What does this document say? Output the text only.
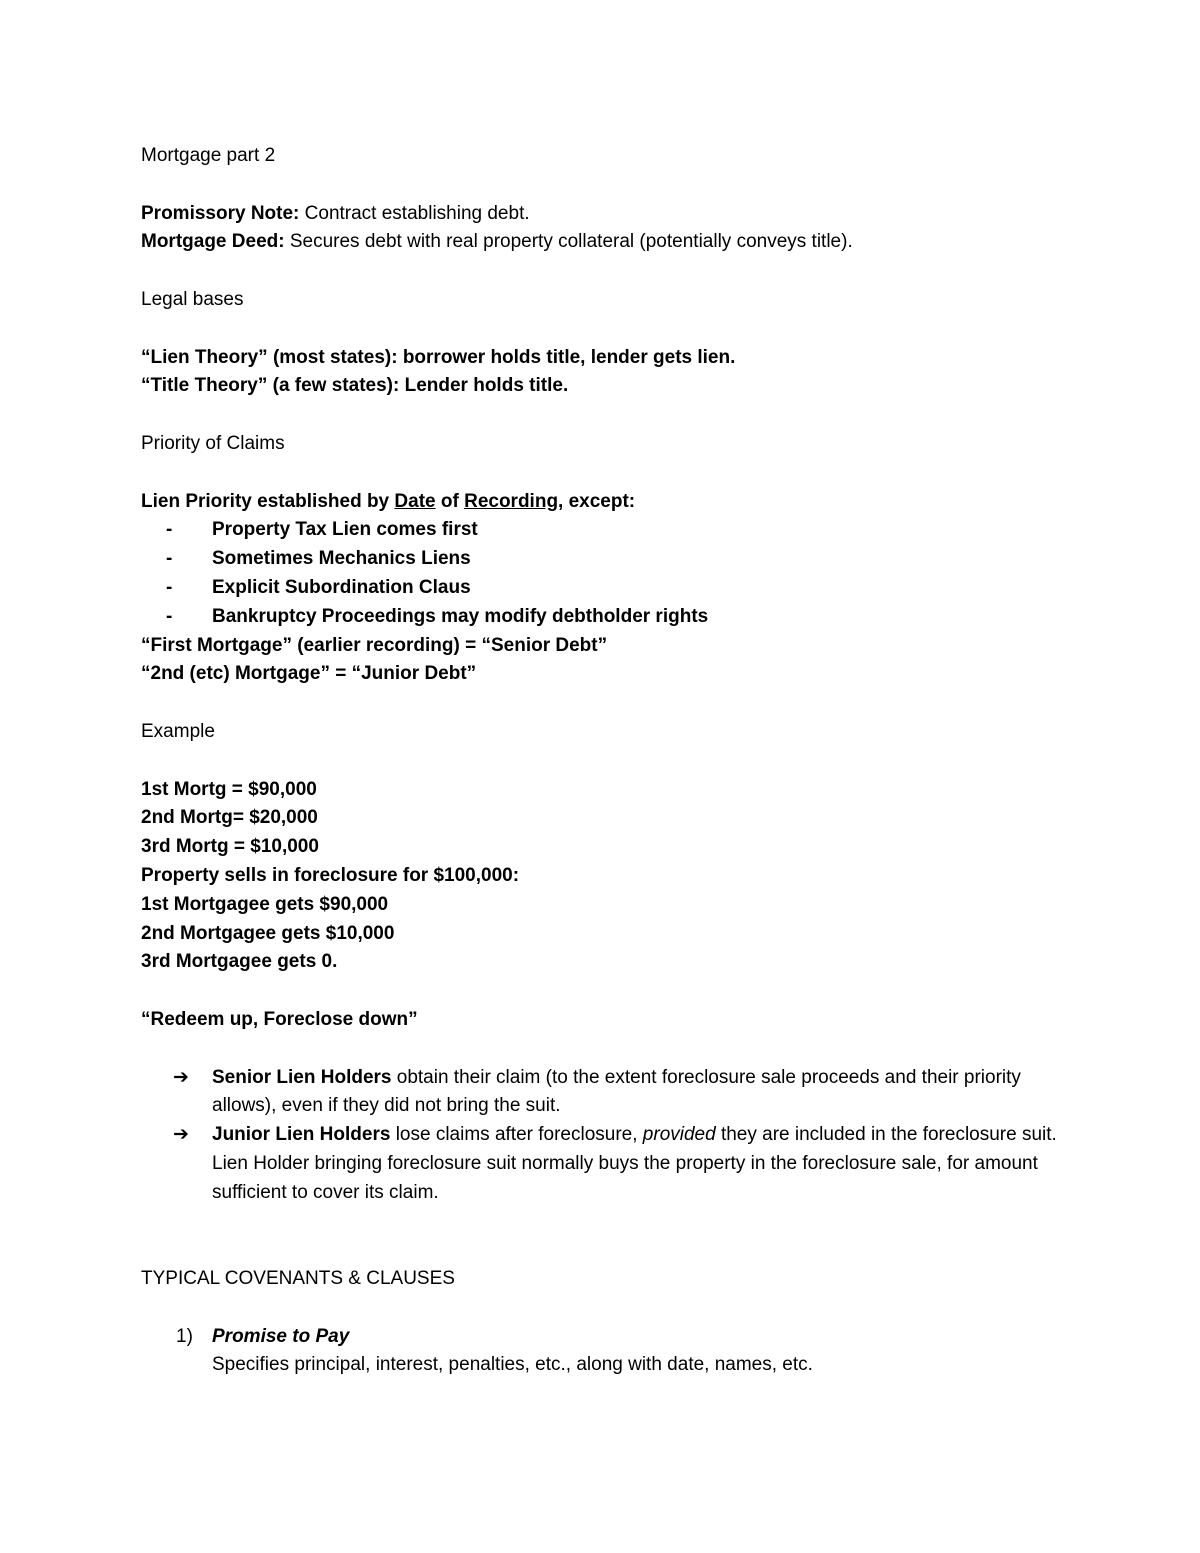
Mortgage part 2
Promissory Note: Contract establishing debt.
Mortgage Deed: Secures debt with real property collateral (potentially conveys title).
Legal bases
“Lien Theory” (most states): borrower holds title, lender gets lien.
“Title Theory” (a few states): Lender holds title.
Priority of Claims
Lien Priority established by Date of Recording, except:
- Property Tax Lien comes first
- Sometimes Mechanics Liens
- Explicit Subordination Claus
- Bankruptcy Proceedings may modify debtholder rights
“First Mortgage” (earlier recording) = “Senior Debt”
“2nd (etc) Mortgage” = “Junior Debt”
Example
1st Mortg = $90,000
2nd Mortg= $20,000
3rd Mortg = $10,000
Property sells in foreclosure for $100,000:
1st Mortgagee gets $90,000
2nd Mortgagee gets $10,000
3rd Mortgagee gets 0.
“Redeem up, Foreclose down”
➔ Senior Lien Holders obtain their claim (to the extent foreclosure sale proceeds and their priority allows), even if they did not bring the suit.
➔ Junior Lien Holders lose claims after foreclosure, provided they are included in the foreclosure suit.
Lien Holder bringing foreclosure suit normally buys the property in the foreclosure sale, for amount sufficient to cover its claim.
TYPICAL COVENANTS & CLAUSES
1) Promise to Pay
Specifies principal, interest, penalties, etc., along with date, names, etc.
